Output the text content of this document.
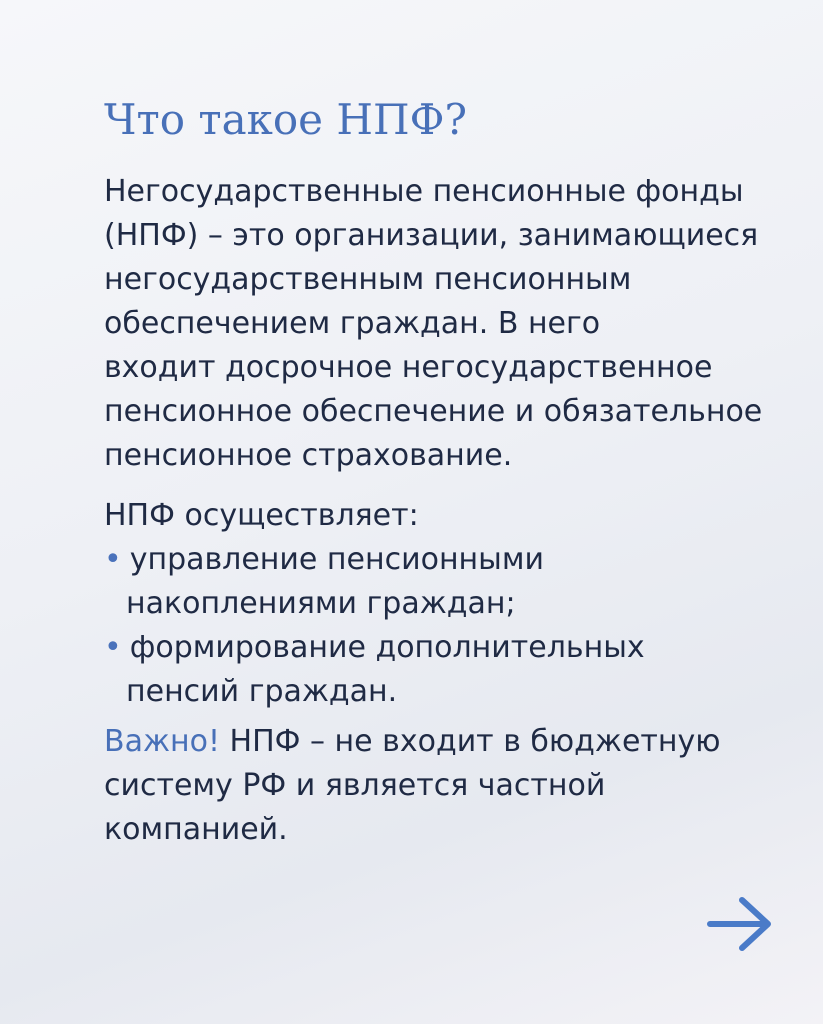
Что такое НПФ?
Негосударственные пенсионные фонды
(НПФ) – это организации, занимающиеся
негосударственным пенсионным
обеспечением граждан. В него
входит досрочное негосударственное
пенсионное обеспечение и обязательное
пенсионное страхование.
НПФ осуществляет:
• управление пенсионными
накоплениями граждан;
• формирование дополнительных
пенсий граждан.
Важно! НПФ – не входит в бюджетную
систему РФ и является частной
компанией.
